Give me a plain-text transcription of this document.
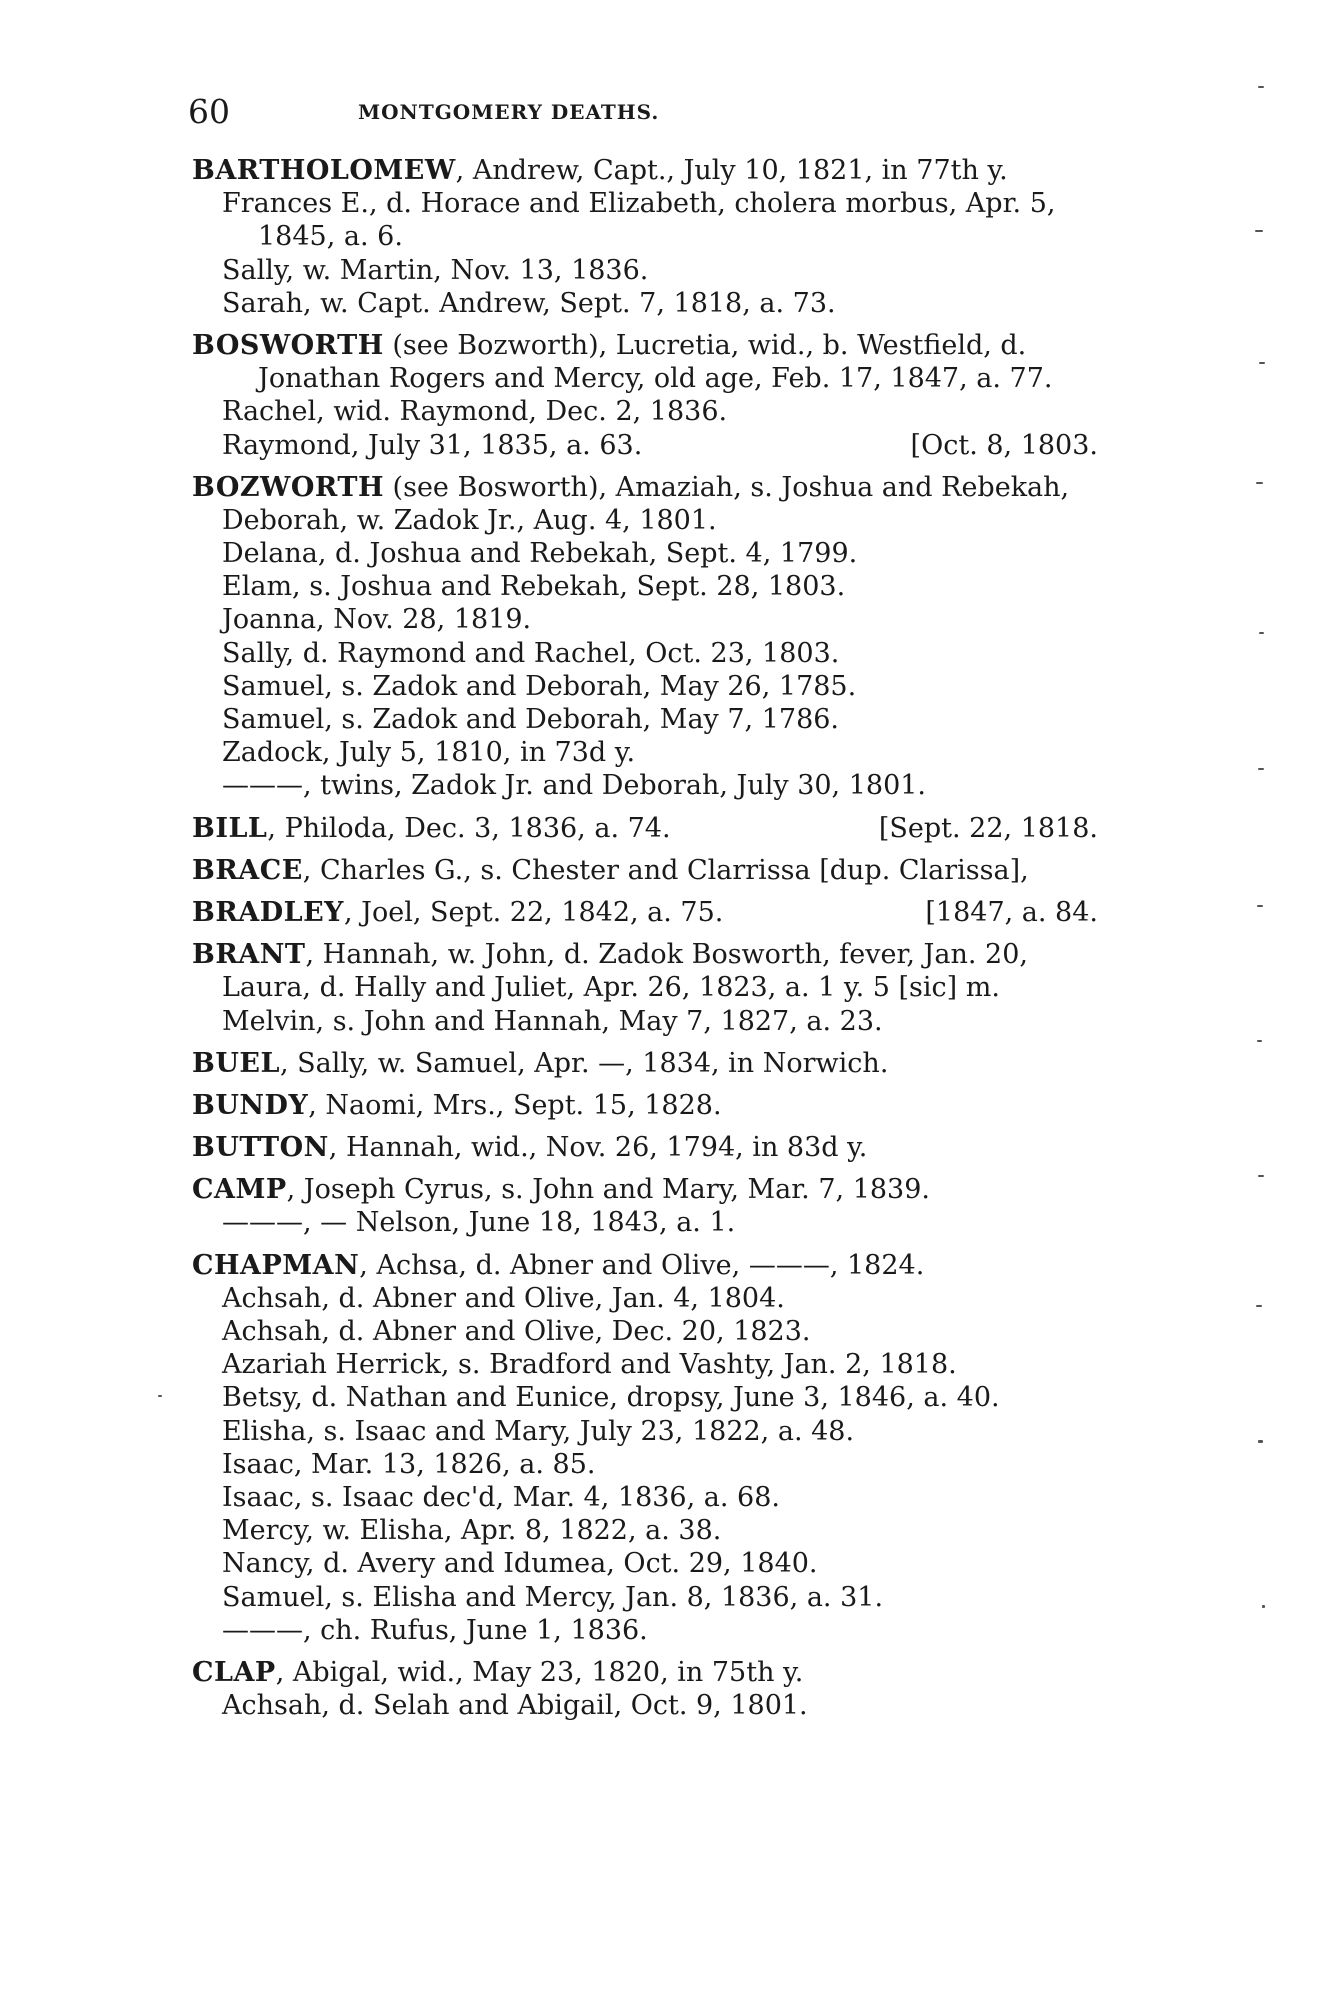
60	MONTGOMERY DEATHS.
BARTHOLOMEW, Andrew, Capt., July 10, 1821, in 77th y.
Frances E., d. Horace and Elizabeth, cholera morbus, Apr. 5,
1845, a. 6.
Sally, w. Martin, Nov. 13, 1836.
Sarah, w. Capt. Andrew, Sept. 7, 1818, a. 73.
BOSWORTH (see Bozworth), Lucretia, wid., b. Westfield, d.
Jonathan Rogers and Mercy, old age, Feb. 17, 1847, a. 77.
Rachel, wid. Raymond, Dec. 2, 1836.
Raymond, July 31, 1835, a. 63.	[Oct. 8, 1803.
BOZWORTH (see Bosworth), Amaziah, s. Joshua and Rebekah,
Deborah, w. Zadok Jr., Aug. 4, 1801.
Delana, d. Joshua and Rebekah, Sept. 4, 1799.
Elam, s. Joshua and Rebekah, Sept. 28, 1803.
Joanna, Nov. 28, 1819.
Sally, d. Raymond and Rachel, Oct. 23, 1803.
Samuel, s. Zadok and Deborah, May 26, 1785.
Samuel, s. Zadok and Deborah, May 7, 1786.
Zadock, July 5, 1810, in 73d y.
———, twins, Zadok Jr. and Deborah, July 30, 1801.
BILL, Philoda, Dec. 3, 1836, a. 74.	[Sept. 22, 1818.
BRACE, Charles G., s. Chester and Clarrissa [dup. Clarissa],
BRADLEY, Joel, Sept. 22, 1842, a. 75.	[1847, a. 84.
BRANT, Hannah, w. John, d. Zadok Bosworth, fever, Jan. 20,
Laura, d. Hally and Juliet, Apr. 26, 1823, a. 1 y. 5 [sic] m.
Melvin, s. John and Hannah, May 7, 1827, a. 23.
BUEL, Sally, w. Samuel, Apr. —, 1834, in Norwich.
BUNDY, Naomi, Mrs., Sept. 15, 1828.
BUTTON, Hannah, wid., Nov. 26, 1794, in 83d y.
CAMP, Joseph Cyrus, s. John and Mary, Mar. 7, 1839.
———, — Nelson, June 18, 1843, a. 1.
CHAPMAN, Achsa, d. Abner and Olive, ———, 1824.
Achsah, d. Abner and Olive, Jan. 4, 1804.
Achsah, d. Abner and Olive, Dec. 20, 1823.
Azariah Herrick, s. Bradford and Vashty, Jan. 2, 1818.
Betsy, d. Nathan and Eunice, dropsy, June 3, 1846, a. 40.
Elisha, s. Isaac and Mary, July 23, 1822, a. 48.
Isaac, Mar. 13, 1826, a. 85.
Isaac, s. Isaac dec'd, Mar. 4, 1836, a. 68.
Mercy, w. Elisha, Apr. 8, 1822, a. 38.
Nancy, d. Avery and Idumea, Oct. 29, 1840.
Samuel, s. Elisha and Mercy, Jan. 8, 1836, a. 31.
———, ch. Rufus, June 1, 1836.
CLAP, Abigal, wid., May 23, 1820, in 75th y.
Achsah, d. Selah and Abigail, Oct. 9, 1801.
